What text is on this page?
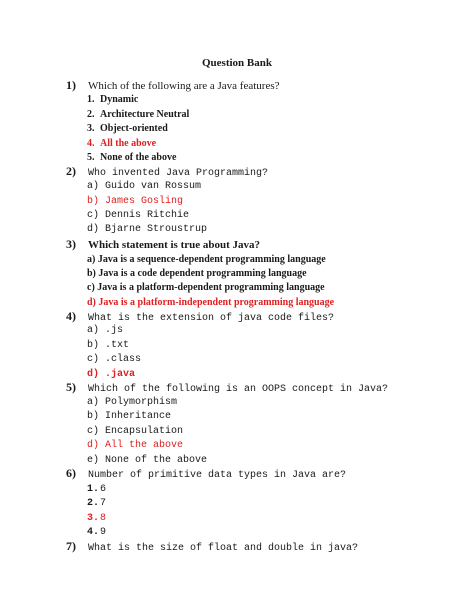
Question Bank
1) Which of the following are a Java features?
1. Dynamic
2. Architecture Neutral
3. Object-oriented
4. All the above
5. None of the above
2) Who invented Java Programming?
a) Guido van Rossum
b) James Gosling
c) Dennis Ritchie
d) Bjarne Stroustrup
3) Which statement is true about Java?
a) Java is a sequence-dependent programming language
b) Java is a code dependent programming language
c) Java is a platform-dependent programming language
d) Java is a platform-independent programming language
4) What is the extension of java code files?
a) .js
b) .txt
c) .class
d) .java
5) Which of the following is an OOPS concept in Java?
a) Polymorphism
b) Inheritance
c) Encapsulation
d) All the above
e) None of the above
6) Number of primitive data types in Java are?
1.6
2.7
3.8
4.9
7) What is the size of float and double in java?
